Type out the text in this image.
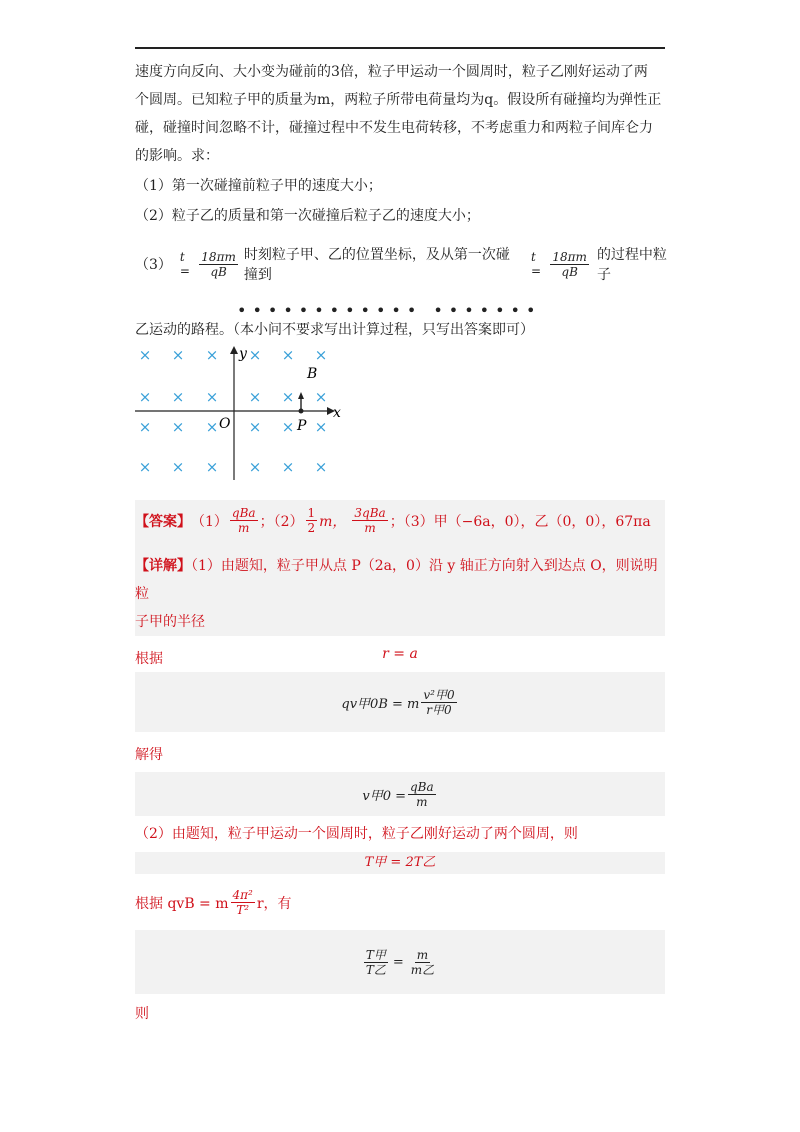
速度方向反向、大小变为碰前的3倍，粒子甲运动一个圆周时，粒子乙刚好运动了两

个圆周。已知粒子甲的质量为m，两粒子所带电荷量均为q。假设所有碰撞均为弹性正

碰，碰撞时间忽略不计，碰撞过程中不发生电荷转移，不考虑重力和两粒子间库仑力

的影响。求：

（1）第一次碰撞前粒子甲的速度大小；

（2）粒子乙的质量和第一次碰撞后粒子乙的速度大小；

（3） $t = \frac{18\pi m}{qB}$ 时刻粒子甲、乙的位置坐标，及从第一次碰撞到
$t = \frac{18\pi m}{qB}$ 的过程中粒子
•••••••••••• •••••••

乙运动的路程。（本小问不要求写出计算过程，只写出答案即可）

× × × × × ×
× × × × × ×
× × × × × ×
× × × × × ×
y
x
O	P
B
【答案】 $(1) \frac{\text{qBa}}{m}$ ；$(2) \frac{1}{2}$ m， $\frac{\text{3qBa}}{m}$ ；（3）甲（−6a，0），乙（0，0），67πa
【详解】（1）由题知，粒子甲从点 P（2a，0）沿 y 轴正方向射入到达点 O，则说明粒
子甲的半径
r = a

根据

qv甲0B = m $\frac{\text{v²甲0}}{\text{r甲0}}$

解得

v甲$0 = \frac{\text{qBa}}{m}$

（2）由题知，粒子甲运动一个圆周时，粒子乙刚好运动了两个圆周，则

T甲 = 2T乙
根据 qvB = m $\frac{\text{4π²}}{\text{T²}}$ r，有
$\frac{\text{T甲}}{\text{T乙}} = \frac{m}{\text{m乙}}$

则
